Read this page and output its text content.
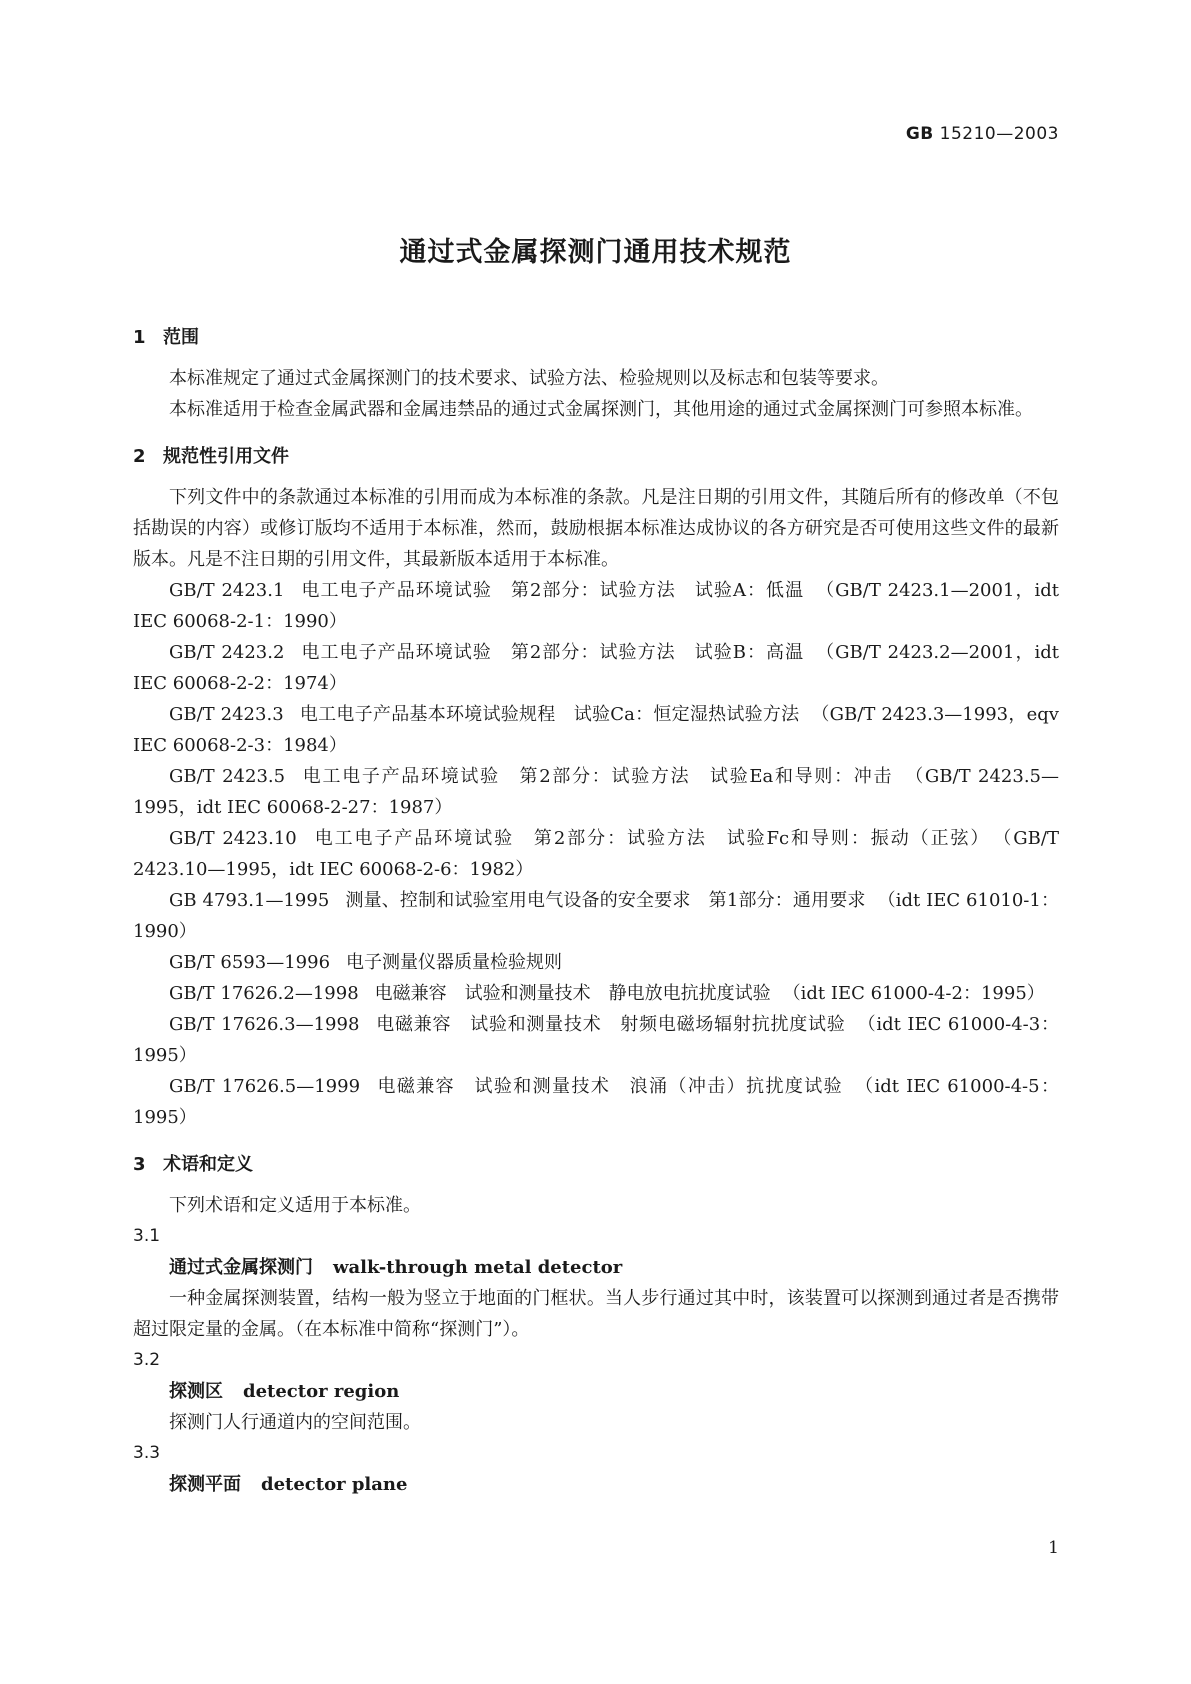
GB 15210—2003
通过式金属探测门通用技术规范
1 范围
本标准规定了通过式金属探测门的技术要求、试验方法、检验规则以及标志和包装等要求。
本标准适用于检查金属武器和金属违禁品的通过式金属探测门，其他用途的通过式金属探测门可参照本标准。
2 规范性引用文件
下列文件中的条款通过本标准的引用而成为本标准的条款。凡是注日期的引用文件，其随后所有的修改单（不包括勘误的内容）或修订版均不适用于本标准，然而，鼓励根据本标准达成协议的各方研究是否可使用这些文件的最新版本。凡是不注日期的引用文件，其最新版本适用于本标准。
GB/T 2423.1 电工电子产品环境试验　第2部分：试验方法　试验A：低温 （GB/T 2423.1—2001，idt IEC 60068-2-1：1990）
GB/T 2423.2 电工电子产品环境试验　第2部分：试验方法　试验B：高温 （GB/T 2423.2—2001，idt IEC 60068-2-2：1974）
GB/T 2423.3 电工电子产品基本环境试验规程　试验Ca：恒定湿热试验方法 （GB/T 2423.3—1993，eqv IEC 60068-2-3：1984）
GB/T 2423.5 电工电子产品环境试验　第2部分：试验方法　试验Ea和导则：冲击 （GB/T 2423.5—1995，idt IEC 60068-2-27：1987）
GB/T 2423.10 电工电子产品环境试验　第2部分：试验方法　试验Fc和导则：振动（正弦） （GB/T 2423.10—1995，idt IEC 60068-2-6：1982）
GB 4793.1—1995 测量、控制和试验室用电气设备的安全要求　第1部分：通用要求 （idt IEC 61010-1：1990）
GB/T 6593—1996 电子测量仪器质量检验规则
GB/T 17626.2—1998 电磁兼容　试验和测量技术　静电放电抗扰度试验 （idt IEC 61000-4-2：1995）
GB/T 17626.3—1998 电磁兼容　试验和测量技术　射频电磁场辐射抗扰度试验 （idt IEC 61000-4-3：1995）
GB/T 17626.5—1999 电磁兼容　试验和测量技术　浪涌（冲击）抗扰度试验 （idt IEC 61000-4-5：1995）
3 术语和定义
下列术语和定义适用于本标准。
3.1
通过式金属探测门 walk-through metal detector
一种金属探测装置，结构一般为竖立于地面的门框状。当人步行通过其中时，该装置可以探测到通过者是否携带超过限定量的金属。（在本标准中简称“探测门”）。
3.2
探测区 detector region
探测门人行通道内的空间范围。
3.3
探测平面 detector plane
1
